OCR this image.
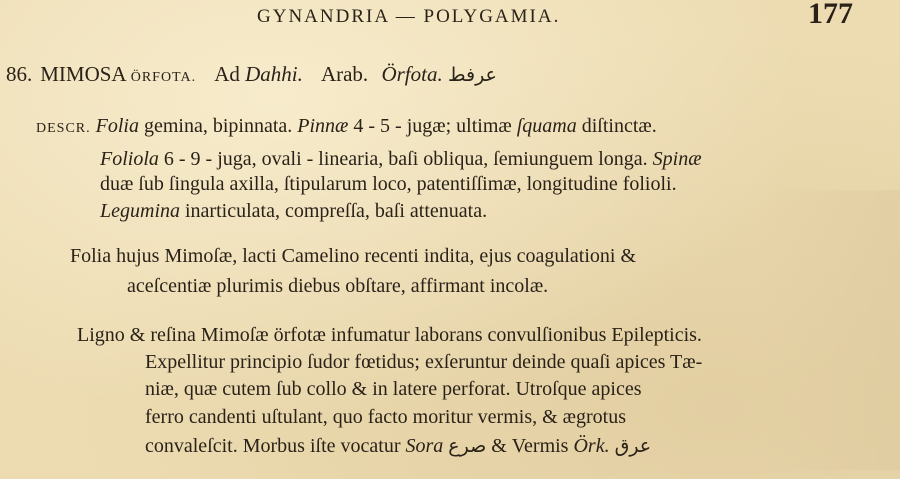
GYNANDRIA — POLYGAMIA.	177
86. MIMOSA ÖRFOTA. Ad Dahhi. Arab. Örfota. عرفط
DESCR. Folia gemina, bipinnata. Pinnæ 4 - 5 - jugæ; ultimæ ſquama diſtinctæ.
Foliola 6 - 9 - juga, ovali - linearia, baſi obliqua, ſemiunguem longa. Spinæ
duæ ſub ſingula axilla, ſtipularum loco, patentiſſimæ, longitudine folioli.
Legumina inarticulata, compreſſa, baſi attenuata.
Folia hujus Mimoſæ, lacti Camelino recenti indita, ejus coagulationi &
aceſcentiæ plurimis diebus obſtare, affirmant incolæ.
Ligno & reſina Mimoſæ örfotæ infumatur laborans convulſionibus Epilepticis.
Expellitur principio ſudor fœtidus; exſeruntur deinde quaſi apices Tæ-
niæ, quæ cutem ſub collo & in latere perforat. Utroſque apices
ferro candenti uſtulant, quo facto moritur vermis, & ægrotus
convaleſcit. Morbus iſte vocatur Sora صرع & Vermis Örk. عرق
